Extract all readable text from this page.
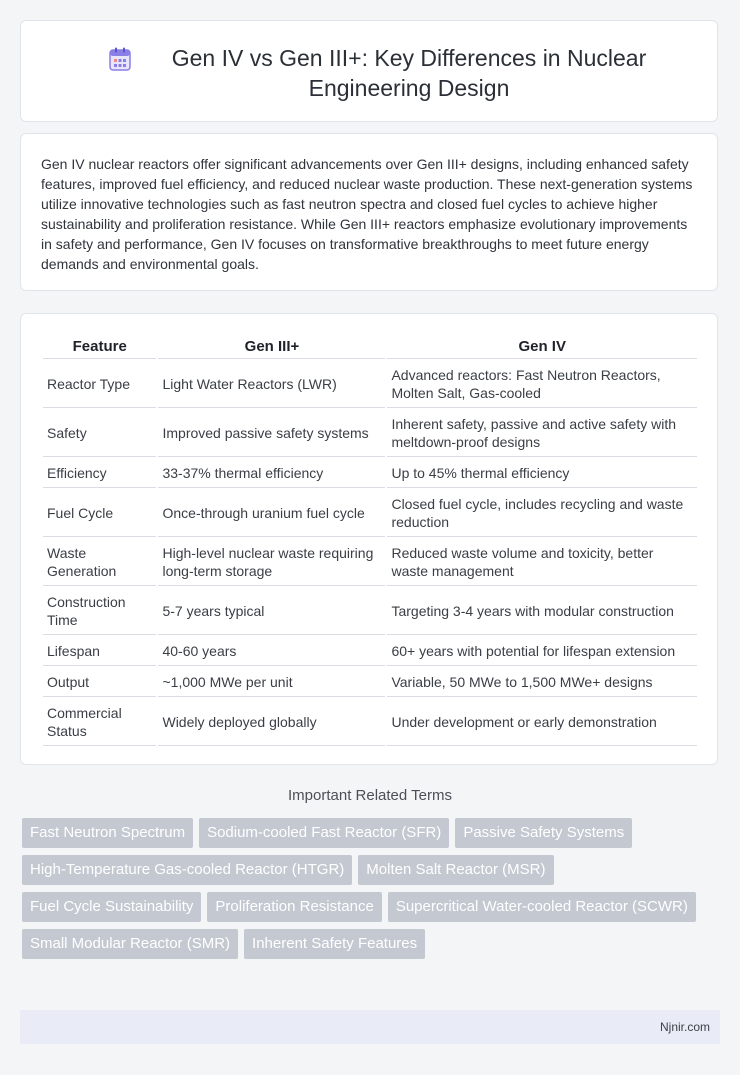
Gen IV vs Gen III+: Key Differences in Nuclear Engineering Design

Gen IV nuclear reactors offer significant advancements over Gen III+ designs, including enhanced safety features, improved fuel efficiency, and reduced nuclear waste production. These next-generation systems utilize innovative technologies such as fast neutron spectra and closed fuel cycles to achieve higher sustainability and proliferation resistance. While Gen III+ reactors emphasize evolutionary improvements in safety and performance, Gen IV focuses on transformative breakthroughs to meet future energy demands and environmental goals.

Feature	Gen III+	Gen IV
Reactor Type	Light Water Reactors (LWR)	Advanced reactors: Fast Neutron Reactors, Molten Salt, Gas-cooled
Safety	Improved passive safety systems	Inherent safety, passive and active safety with meltdown-proof designs
Efficiency	33-37% thermal efficiency	Up to 45% thermal efficiency
Fuel Cycle	Once-through uranium fuel cycle	Closed fuel cycle, includes recycling and waste reduction
Waste Generation	High-level nuclear waste requiring long-term storage	Reduced waste volume and toxicity, better waste management
Construction Time	5-7 years typical	Targeting 3-4 years with modular construction
Lifespan	40-60 years	60+ years with potential for lifespan extension
Output	~1,000 MWe per unit	Variable, 50 MWe to 1,500 MWe+ designs
Commercial Status	Widely deployed globally	Under development or early demonstration
Important Related Terms
Fast Neutron Spectrum	Sodium-cooled Fast Reactor (SFR)	Passive Safety Systems
High-Temperature Gas-cooled Reactor (HTGR)	Molten Salt Reactor (MSR)
Fuel Cycle Sustainability	Proliferation Resistance	Supercritical Water-cooled Reactor (SCWR)
Small Modular Reactor (SMR)	Inherent Safety Features
Njnir.com
